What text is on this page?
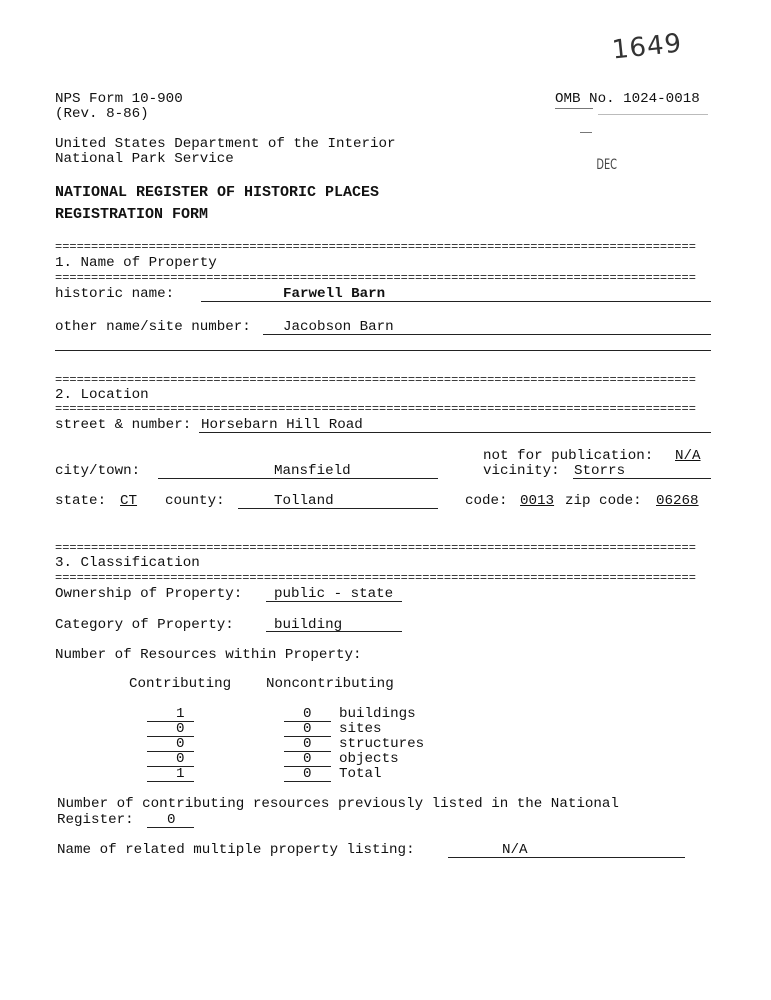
1649
NPS Form 10-900
(Rev. 8-86)
OMB No. 1024-0018
DEC
United States Department of the Interior
National Park Service
NATIONAL REGISTER OF HISTORIC PLACES
REGISTRATION FORM
=========================================================================================
1. Name of Property
=========================================================================================
historic name:	Farwell Barn
other name/site number: Jacobson Barn
=========================================================================================
2. Location
=========================================================================================
street & number: Horsebarn Hill Road
not for publication: N/A
city/town:	Mansfield	vicinity: Storrs
state: CT county:	Tolland	code: 0013 zip code: 06268
=========================================================================================
3. Classification
=========================================================================================
Ownership of Property: public - state
Category of Property:	building
Number of Resources within Property:
Contributing Noncontributing
1	0 buildings
0	0 sites
0	0 structures
0	0 objects
1	0 Total
Number of contributing resources previously listed in the National
Register: 0
Name of related multiple property listing:	N/A
